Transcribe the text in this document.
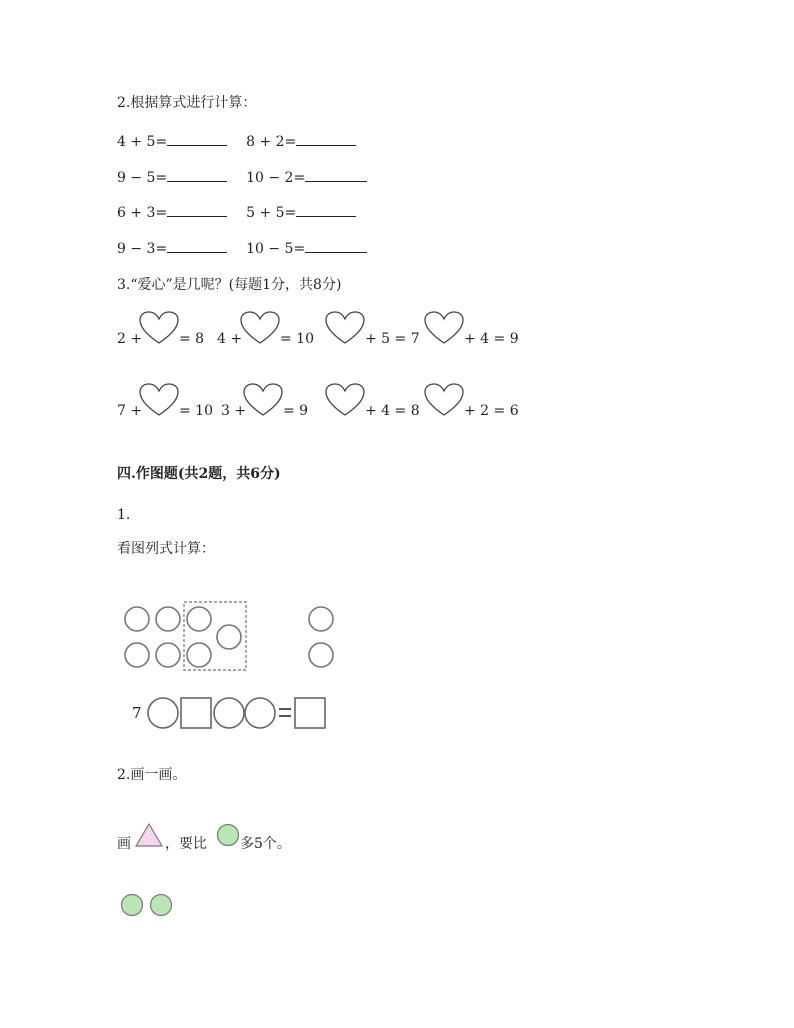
2.根据算式进行计算：
4 + 5=	8 + 2=
9 − 5=	10 − 2=
6 + 3=	5 + 5=
9 − 3=	10 − 5=
3.“爱心”是几呢？(每题1分，共8分)
2 +	= 8 4 +	= 10	+ 5 = 7	+ 4 = 9
7 +	= 10 3 +	= 9	+ 4 = 8	+ 2 = 6
四.作图题(共2题，共6分)
1.
看图列式计算：
7
2.画一画。
画 ，要比 多5个。
